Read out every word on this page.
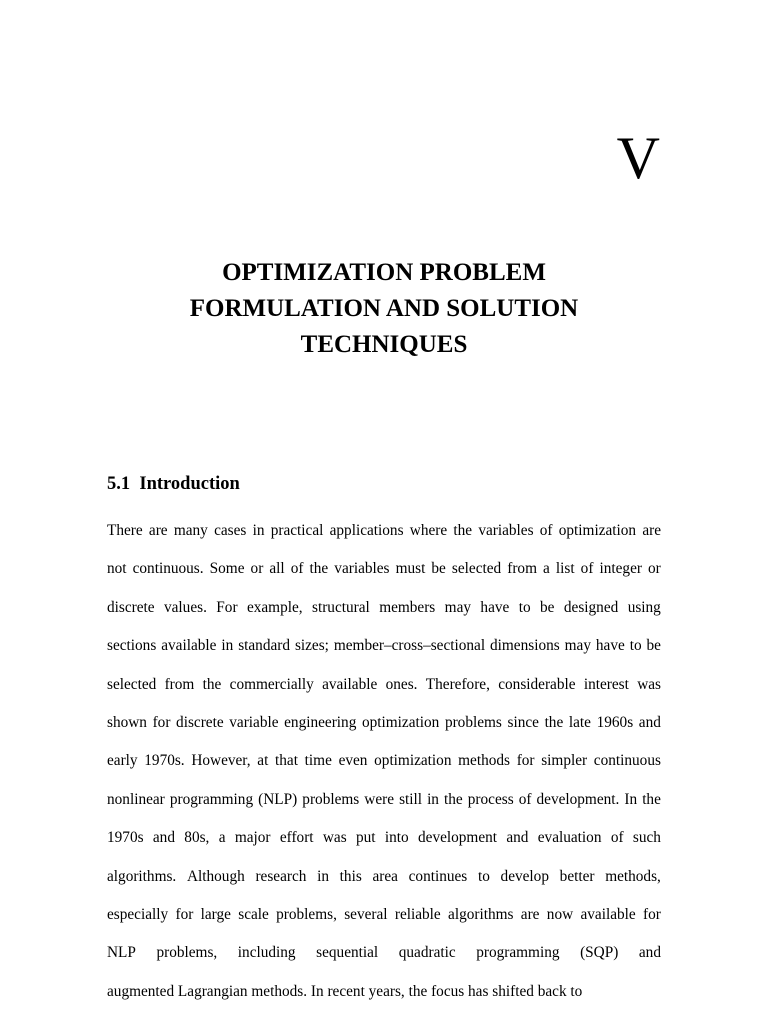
V
OPTIMIZATION PROBLEM
FORMULATION AND SOLUTION
TECHNIQUES
5.1  Introduction
There are many cases in practical applications where the variables of optimization are
not continuous. Some or all of the variables must be selected from a list of integer or
discrete values. For example, structural members may have to be designed using
sections available in standard sizes; member–cross–sectional dimensions may have to be
selected from the commercially available ones. Therefore, considerable interest was
shown for discrete variable engineering optimization problems since the late 1960s and
early 1970s. However, at that time even optimization methods for simpler continuous
nonlinear programming (NLP) problems were still in the process of development. In the
1970s and 80s, a major effort was put into development and evaluation of such
algorithms. Although research in this area continues to develop better methods,
especially for large scale problems, several reliable algorithms are now available for
NLP problems, including sequential quadratic programming (SQP) and
augmented Lagrangian methods. In recent years, the focus has shifted back to
